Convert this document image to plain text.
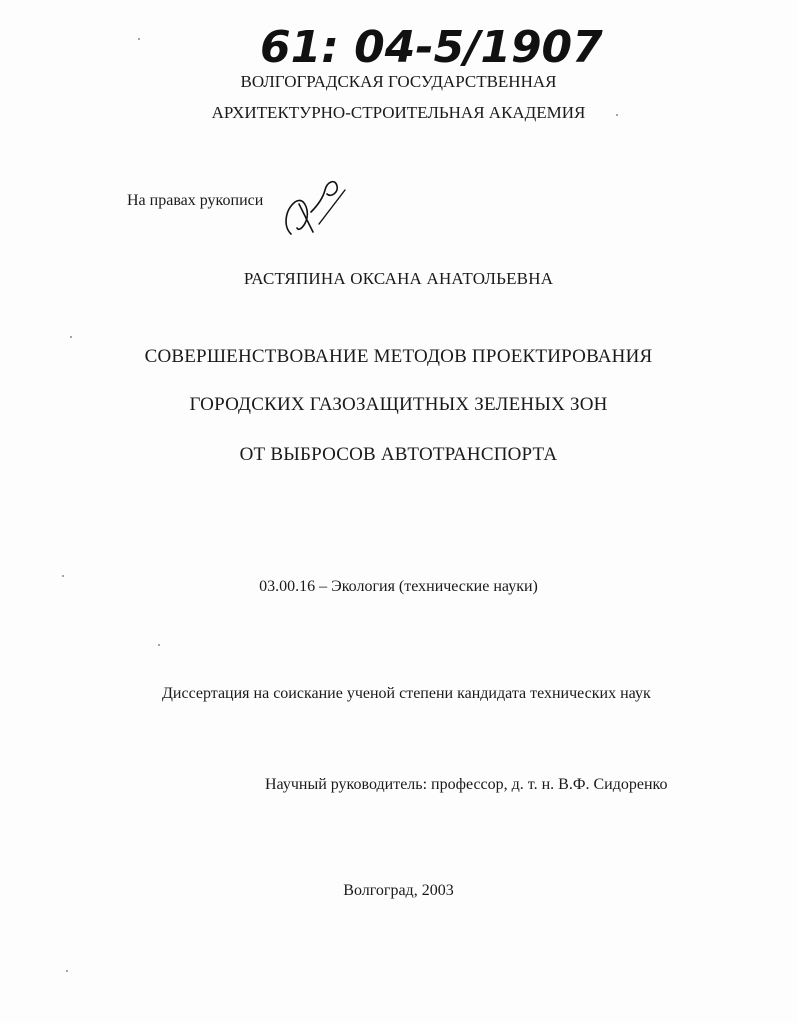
61: 04-5/1907
ВОЛГОГРАДСКАЯ ГОСУДАРСТВЕННАЯ
АРХИТЕКТУРНО-СТРОИТЕЛЬНАЯ АКАДЕМИЯ
На правах рукописи
РАСТЯПИНА ОКСАНА АНАТОЛЬЕВНА
СОВЕРШЕНСТВОВАНИЕ МЕТОДОВ ПРОЕКТИРОВАНИЯ
ГОРОДСКИХ ГАЗОЗАЩИТНЫХ ЗЕЛЕНЫХ ЗОН
ОТ ВЫБРОСОВ АВТОТРАНСПОРТА
03.00.16 – Экология (технические науки)
Диссертация на соискание ученой степени кандидата технических наук
Научный руководитель: профессор, д. т. н. В.Ф. Сидоренко
Волгоград, 2003
